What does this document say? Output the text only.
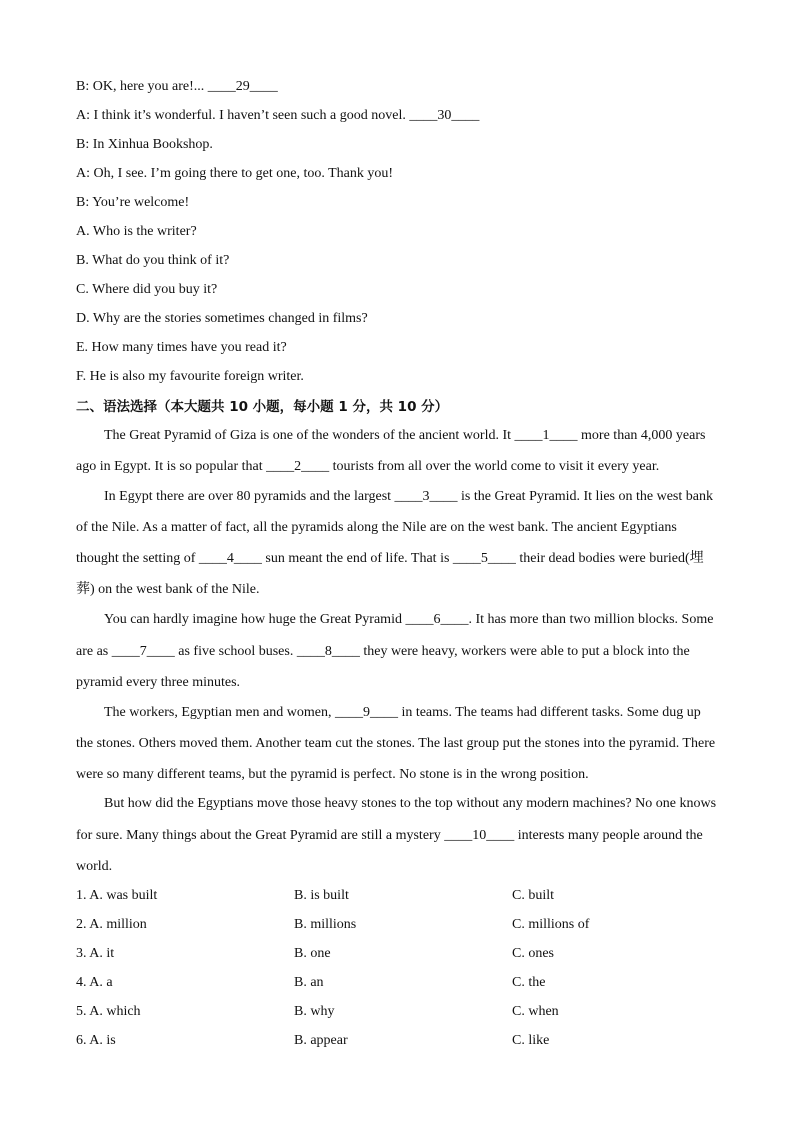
B: OK, here you are!... ____29____
A: I think it’s wonderful. I haven’t seen such a good novel. ____30____
B: In Xinhua Bookshop.
A: Oh, I see. I’m going there to get one, too. Thank you!
B: You’re welcome!
A. Who is the writer?
B. What do you think of it?
C. Where did you buy it?
D. Why are the stories sometimes changed in films?
E. How many times have you read it?
F. He is also my favourite foreign writer.
二、语法选择（本大题共 10 小题，每小题 1 分，共 10 分）
The Great Pyramid of Giza is one of the wonders of the ancient world. It ____1____ more than 4,000 years
ago in Egypt. It is so popular that ____2____ tourists from all over the world come to visit it every year.
In Egypt there are over 80 pyramids and the largest ____3____ is the Great Pyramid. It lies on the west bank
of the Nile. As a matter of fact, all the pyramids along the Nile are on the west bank. The ancient Egyptians
thought the setting of ____4____ sun meant the end of life. That is ____5____ their dead bodies were buried(埋
葬) on the west bank of the Nile.
You can hardly imagine how huge the Great Pyramid ____6____. It has more than two million blocks. Some
are as ____7____ as five school buses. ____8____ they were heavy, workers were able to put a block into the
pyramid every three minutes.
The workers, Egyptian men and women, ____9____ in teams. The teams had different tasks. Some dug up
the stones. Others moved them. Another team cut the stones. The last group put the stones into the pyramid. There
were so many different teams, but the pyramid is perfect. No stone is in the wrong position.
But how did the Egyptians move those heavy stones to the top without any modern machines? No one knows
for sure. Many things about the Great Pyramid are still a mystery ____10____ interests many people around the
world.
1. A. was built	B. is built	C. built
2. A. million	B. millions	C. millions of
3. A. it	B. one	C. ones
4. A. a	B. an	C. the
5. A. which	B. why	C. when
6. A. is	B. appear	C. like
